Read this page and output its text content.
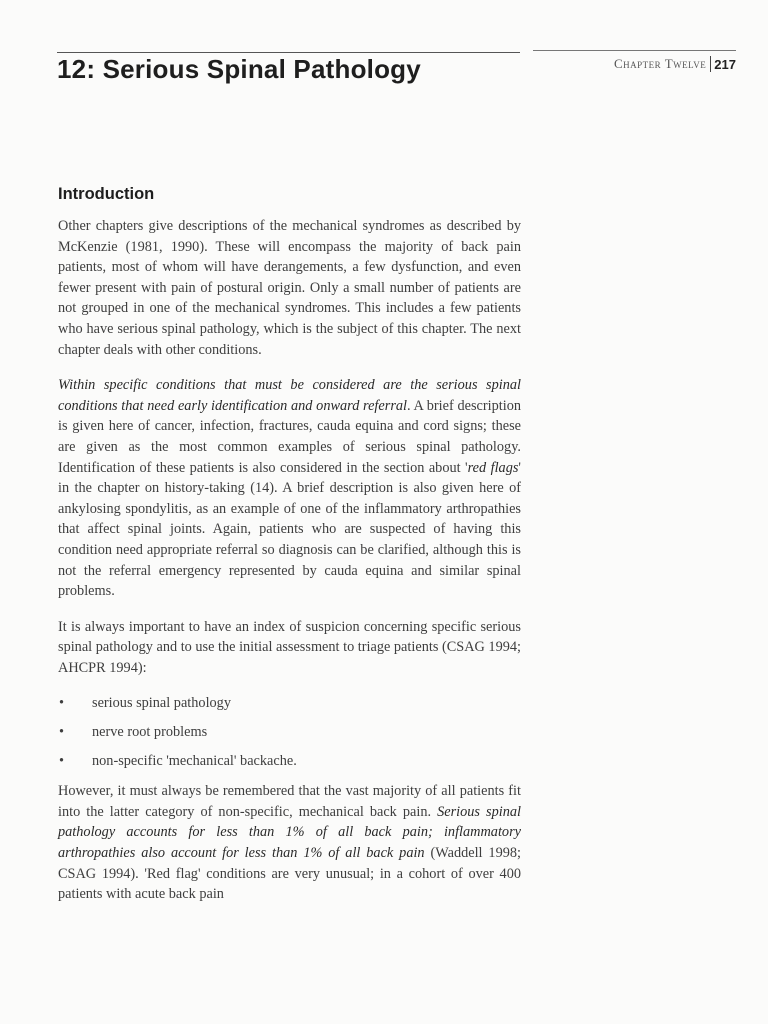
12: Serious Spinal Pathology	Chapter Twelve 217
Introduction

Other chapters give descriptions of the mechanical syndromes as described by McKenzie (1981, 1990). These will encompass the majority of back pain patients, most of whom will have derangements, a few dysfunction, and even fewer present with pain of postural origin. Only a small number of patients are not grouped in one of the mechanical syndromes. This includes a few patients who have serious spinal pathology, which is the subject of this chapter. The next chapter deals with other conditions.

Within specific conditions that must be considered are the serious spinal conditions that need early identification and onward referral. A brief description is given here of cancer, infection, fractures, cauda equina and cord signs; these are given as the most common examples of serious spinal pathology. Identification of these patients is also considered in the section about 'red flags' in the chapter on history-taking (14). A brief description is also given here of ankylosing spondylitis, as an example of one of the inflammatory arthropathies that affect spinal joints. Again, patients who are suspected of having this condition need appropriate referral so diagnosis can be clarified, although this is not the referral emergency represented by cauda equina and similar spinal problems.

It is always important to have an index of suspicion concerning specific serious spinal pathology and to use the initial assessment to triage patients (CSAG 1994; AHCPR 1994):

• serious spinal pathology
• nerve root problems
• non-specific 'mechanical' backache.

However, it must always be remembered that the vast majority of all patients fit into the latter category of non-specific, mechanical back pain. Serious spinal pathology accounts for less than 1% of all back pain; inflammatory arthropathies also account for less than 1% of all back pain (Waddell 1998; CSAG 1994). 'Red flag' conditions are very unusual; in a cohort of over 400 patients with acute back pain
